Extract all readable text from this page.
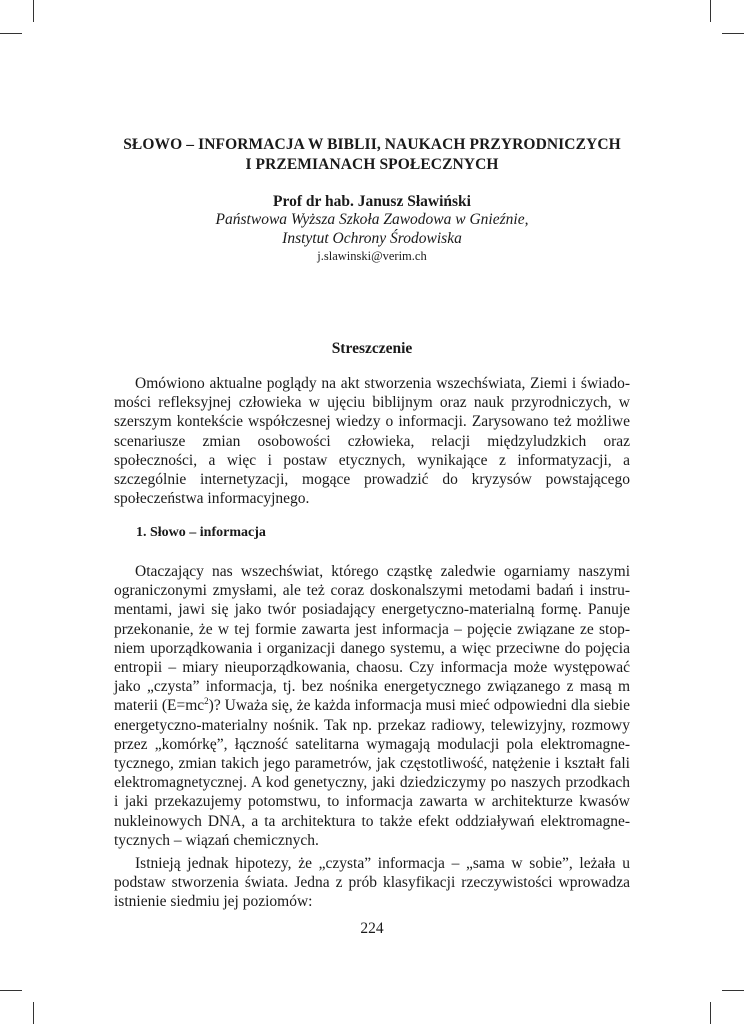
SŁOWO – INFORMACJA W BIBLII, NAUKACH PRZYRODNICZYCH
I PRZEMIANACH SPOŁECZNYCH
Prof dr hab. Janusz Sławiński
Państwowa Wyższa Szkoła Zawodowa w Gnieźnie,
Instytut Ochrony Środowiska
j.slawinski@verim.ch
Streszczenie

Omówiono aktualne poglądy na akt stworzenia wszechświata, Ziemi i świadomości refleksyjnej człowieka w ujęciu biblijnym oraz nauk przyrodniczych, w szerszym kontekście współczesnej wiedzy o informacji. Zarysowano też możliwe scenariusze zmian osobowości człowieka, relacji międzyludzkich oraz społeczności, a więc i postaw etycznych, wynikające z informatyzacji, a szczególnie internetyzacji, mogące prowadzić do kryzysów powstającego społeczeństwa informacyjnego.

1. Słowo – informacja

Otaczający nas wszechświat, którego cząstkę zaledwie ogarniamy naszymi ograniczonymi zmysłami, ale też coraz doskonalszymi metodami badań i instrumentami, jawi się jako twór posiadający energetyczno-materialną formę. Panuje przekonanie, że w tej formie zawarta jest informacja – pojęcie związane ze stopniem uporządkowania i organizacji danego systemu, a więc przeciwne do pojęcia entropii – miary nieuporządkowania, chaosu. Czy informacja może występować jako „czysta” informacja, tj. bez nośnika energetycznego związanego z masą m materii $(E=mc^2)$? Uważa się, że każda informacja musi mieć odpowiedni dla siebie energetyczno-materialny nośnik. Tak np. przekaz radiowy, telewizyjny, rozmowy przez „komórkę”, łączność satelitarna wymagają modulacji pola elektromagnetycznego, zmian takich jego parametrów, jak częstotliwość, natężenie i kształt fali elektromagnetycznej. A kod genetyczny, jaki dziedziczymy po naszych przodkach i jaki przekazujemy potomstwu, to informacja zawarta w architekturze kwasów nukleinowych DNA, a ta architektura to także efekt oddziaływań elektromagnetycznych – wiązań chemicznych.

Istnieją jednak hipotezy, że „czysta” informacja – „sama w sobie”, leżała u podstaw stworzenia świata. Jedna z prób klasyfikacji rzeczywistości wprowadza istnienie siedmiu jej poziomów:

224
